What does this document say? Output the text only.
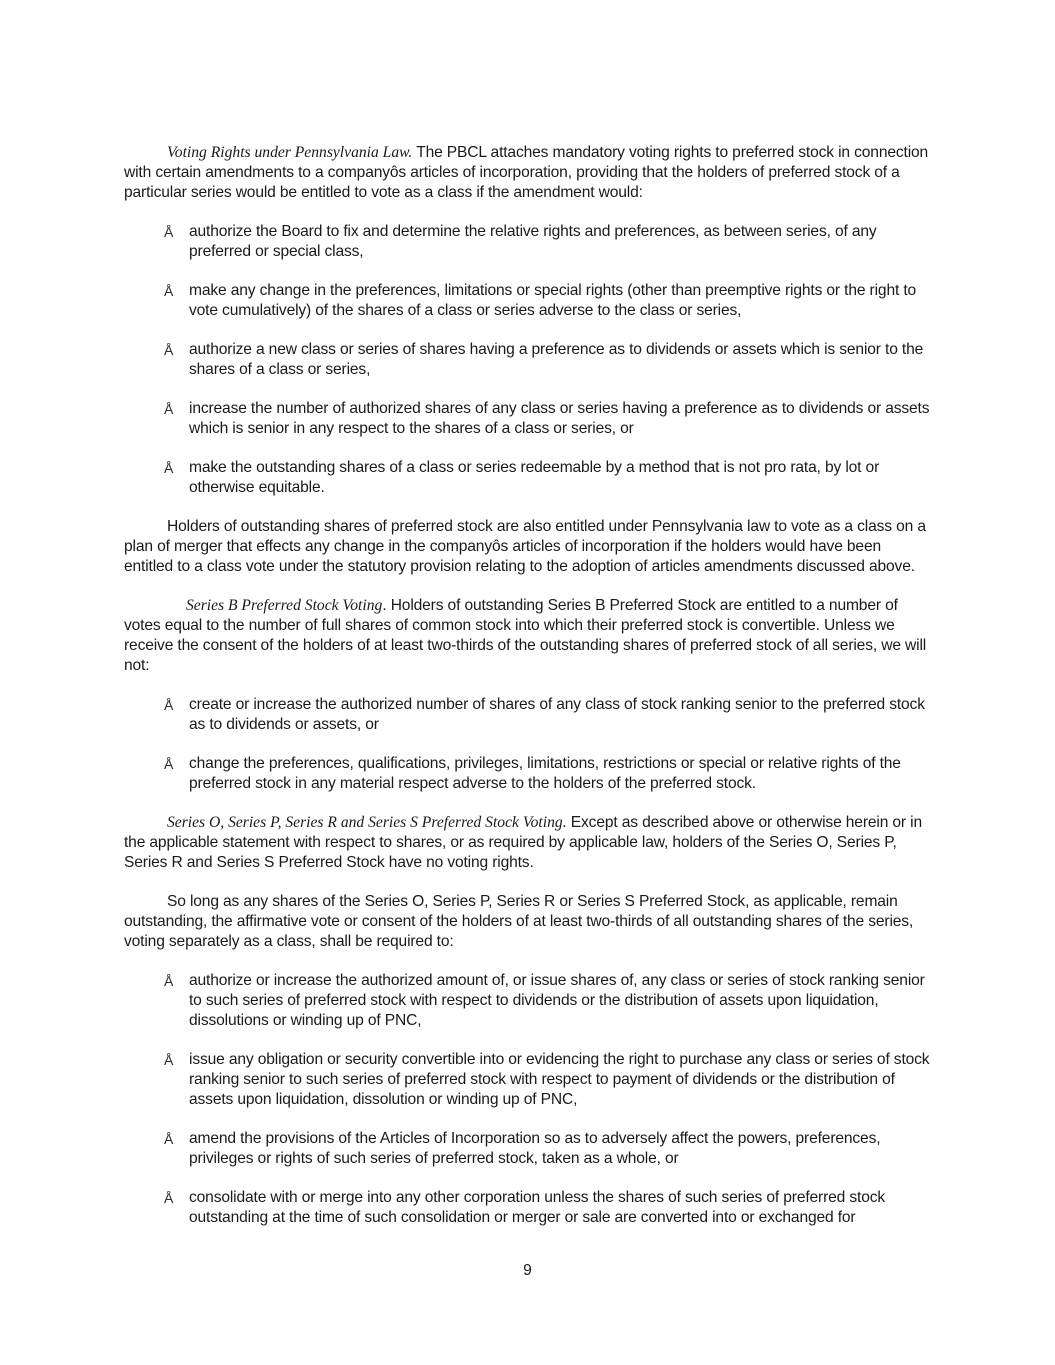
Voting Rights under Pennsylvania Law. The PBCL attaches mandatory voting rights to preferred stock in connection with certain amendments to a companyôs articles of incorporation, providing that the holders of preferred stock of a particular series would be entitled to vote as a class if the amendment would:

Å authorize the Board to fix and determine the relative rights and preferences, as between series, of any preferred or special class,
Å make any change in the preferences, limitations or special rights (other than preemptive rights or the right to vote cumulatively) of the shares of a class or series adverse to the class or series,
Å authorize a new class or series of shares having a preference as to dividends or assets which is senior to the shares of a class or series,
Å increase the number of authorized shares of any class or series having a preference as to dividends or assets which is senior in any respect to the shares of a class or series, or
Å make the outstanding shares of a class or series redeemable by a method that is not pro rata, by lot or otherwise equitable.

Holders of outstanding shares of preferred stock are also entitled under Pennsylvania law to vote as a class on a plan of merger that effects any change in the companyôs articles of incorporation if the holders would have been entitled to a class vote under the statutory provision relating to the adoption of articles amendments discussed above.

Series B Preferred Stock Voting. Holders of outstanding Series B Preferred Stock are entitled to a number of votes equal to the number of full shares of common stock into which their preferred stock is convertible. Unless we receive the consent of the holders of at least two-thirds of the outstanding shares of preferred stock of all series, we will not:

Å create or increase the authorized number of shares of any class of stock ranking senior to the preferred stock as to dividends or assets, or
Å change the preferences, qualifications, privileges, limitations, restrictions or special or relative rights of the preferred stock in any material respect adverse to the holders of the preferred stock.

Series O, Series P, Series R and Series S Preferred Stock Voting. Except as described above or otherwise herein or in the applicable statement with respect to shares, or as required by applicable law, holders of the Series O, Series P, Series R and Series S Preferred Stock have no voting rights.

So long as any shares of the Series O, Series P, Series R or Series S Preferred Stock, as applicable, remain outstanding, the affirmative vote or consent of the holders of at least two-thirds of all outstanding shares of the series, voting separately as a class, shall be required to:

Å authorize or increase the authorized amount of, or issue shares of, any class or series of stock ranking senior to such series of preferred stock with respect to dividends or the distribution of assets upon liquidation, dissolutions or winding up of PNC,
Å issue any obligation or security convertible into or evidencing the right to purchase any class or series of stock ranking senior to such series of preferred stock with respect to payment of dividends or the distribution of assets upon liquidation, dissolution or winding up of PNC,
Å amend the provisions of the Articles of Incorporation so as to adversely affect the powers, preferences, privileges or rights of such series of preferred stock, taken as a whole, or
Å consolidate with or merge into any other corporation unless the shares of such series of preferred stock outstanding at the time of such consolidation or merger or sale are converted into or exchanged for
9
